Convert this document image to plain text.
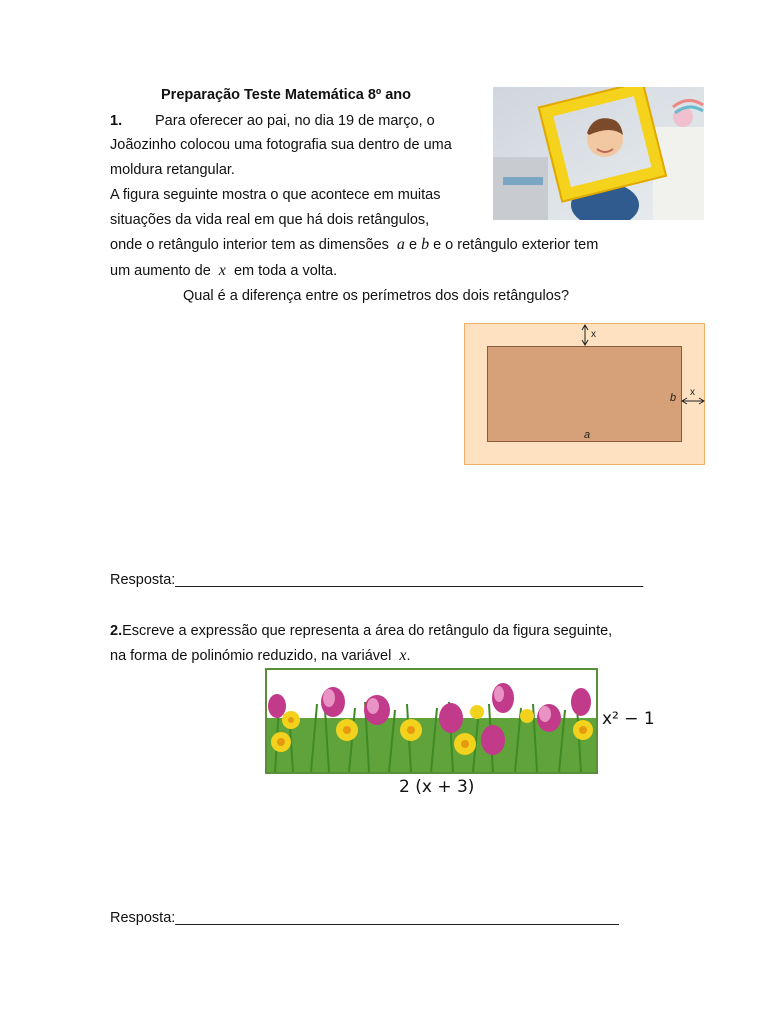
Preparação Teste Matemática 8º ano
1. Para oferecer ao pai, no dia 19 de março, o
Joãozinho colocou uma fotografia sua dentro de uma
moldura retangular.
A figura seguinte mostra o que acontece em muitas
situações da vida real em que há dois retângulos,
onde o retângulo interior tem as dimensões a e b e o retângulo exterior tem
um aumento de x em toda a volta.
Qual é a diferença entre os perímetros dos dois retângulos?
x
x
b
a
Resposta:__________________________________________________________
2.Escreve a expressão que representa a área do retângulo da figura seguinte,
na forma de polinómio reduzido, na variável x.
x² − 1
2 (x + 3)
Resposta:_______________________________________________________
